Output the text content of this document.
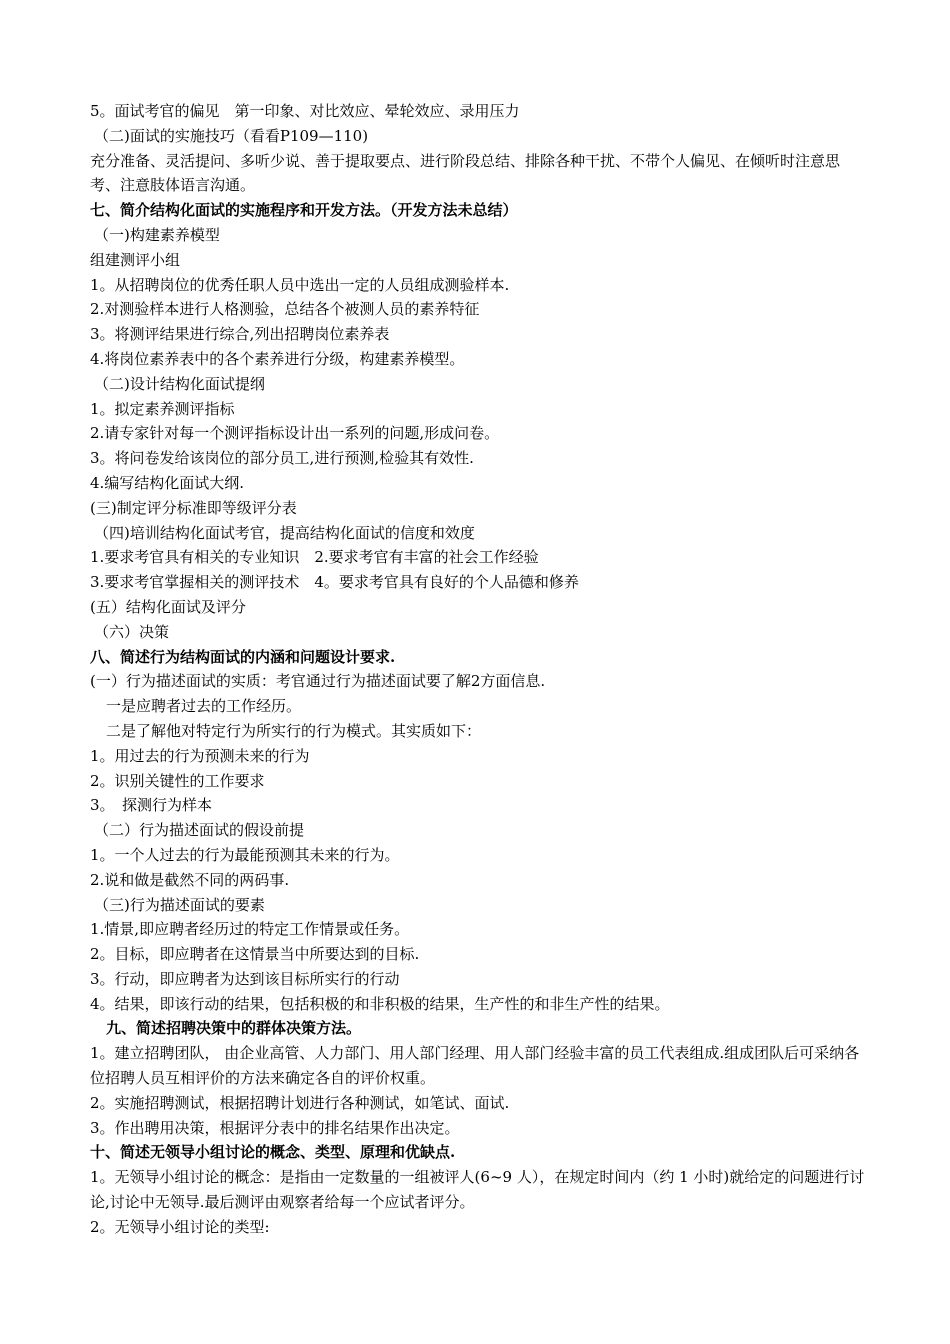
5。面试考官的偏见　第一印象、对比效应、晕轮效应、录用压力
（二)面试的实施技巧（看看P109—110)
充分准备、灵活提问、多听少说、善于提取要点、进行阶段总结、排除各种干扰、不带个人偏见、在倾听时注意思考、注意肢体语言沟通。
七、简介结构化面试的实施程序和开发方法。（开发方法未总结）
（一)构建素养模型
组建测评小组
1。从招聘岗位的优秀任职人员中选出一定的人员组成测验样本.
2.对测验样本进行人格测验，总结各个被测人员的素养特征
3。将测评结果进行综合,列出招聘岗位素养表
4.将岗位素养表中的各个素养进行分级，构建素养模型。
（二)设计结构化面试提纲
1。拟定素养测评指标
2.请专家针对每一个测评指标设计出一系列的问题,形成问卷。
3。将问卷发给该岗位的部分员工,进行预测,检验其有效性.
4.编写结构化面试大纲.
(三)制定评分标准即等级评分表
（四)培训结构化面试考官，提高结构化面试的信度和效度
1.要求考官具有相关的专业知识　2.要求考官有丰富的社会工作经验
3.要求考官掌握相关的测评技术　4。要求考官具有良好的个人品德和修养
(五）结构化面试及评分
（六）决策
八、简述行为结构面试的内涵和问题设计要求.
(一）行为描述面试的实质：考官通过行为描述面试要了解2方面信息.
一是应聘者过去的工作经历。
二是了解他对特定行为所实行的行为模式。其实质如下：
1。用过去的行为预测未来的行为
2。识别关键性的工作要求
3。　探测行为样本
（二）行为描述面试的假设前提
1。一个人过去的行为最能预测其未来的行为。
2.说和做是截然不同的两码事.
（三)行为描述面试的要素
1.情景,即应聘者经历过的特定工作情景或任务。
2。目标，即应聘者在这情景当中所要达到的目标.
3。行动，即应聘者为达到该目标所实行的行动
4。结果，即该行动的结果，包括积极的和非积极的结果，生产性的和非生产性的结果。
九、简述招聘决策中的群体决策方法。
1。建立招聘团队， 由企业高管、人力部门、用人部门经理、用人部门经验丰富的员工代表组成.组成团队后可采纳各位招聘人员互相评价的方法来确定各自的评价权重。
2。实施招聘测试，根据招聘计划进行各种测试，如笔试、面试.
3。作出聘用决策，根据评分表中的排名结果作出决定。
十、简述无领导小组讨论的概念、类型、原理和优缺点.
1。无领导小组讨论的概念：是指由一定数量的一组被评人(6~9 人），在规定时间内（约 1 小时)就给定的问题进行讨论,讨论中无领导.最后测评由观察者给每一个应试者评分。
2。无领导小组讨论的类型:
